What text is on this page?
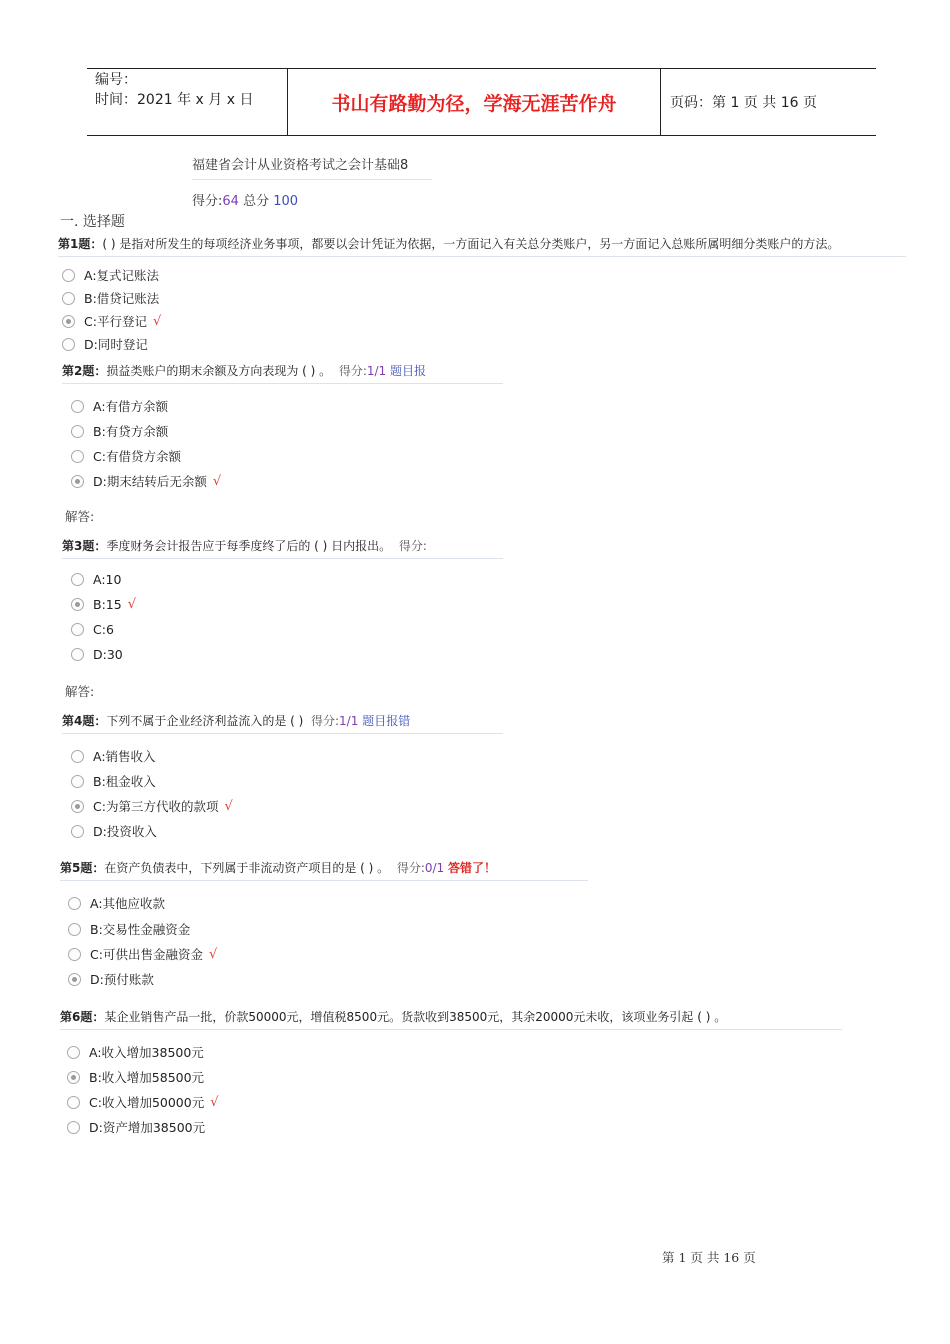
编号：
时间：2021 年 x 月 x 日	书山有路勤为径，学海无涯苦作舟	页码：第 1 页 共 16 页
福建省会计从业资格考试之会计基础8
得分:64 总分 100
一. 选择题
第1题：( ) 是指对所发生的每项经济业务事项，都要以会计凭证为依据，一方面记入有关总分类账户，另一方面记入总账所属明细分类账户的方法。
A:复式记账法
B:借贷记账法
C:平行登记 √
D:同时登记
第2题：损益类账户的期末余额及方向表现为 ( ) 。 得分:1/1 题目报
A:有借方余额
B:有贷方余额
C:有借贷方余额
D:期末结转后无余额 √
解答:
第3题：季度财务会计报告应于每季度终了后的 ( ) 日内报出。 得分:
A:10
B:15 √
C:6
D:30
解答:
第4题：下列不属于企业经济利益流入的是 ( ) 得分:1/1 题目报错
A:销售收入
B:租金收入
C:为第三方代收的款项 √
D:投资收入
第5题：在资产负债表中，下列属于非流动资产项目的是 ( ) 。 得分:0/1 答错了！
A:其他应收款
B:交易性金融资金
C:可供出售金融资金 √
D:预付账款
第6题：某企业销售产品一批，价款50000元，增值税8500元。货款收到38500元，其余20000元未收，该项业务引起 ( ) 。
A:收入增加38500元
B:收入增加58500元
C:收入增加50000元 √
D:资产增加38500元
第 1 页 共 16 页
